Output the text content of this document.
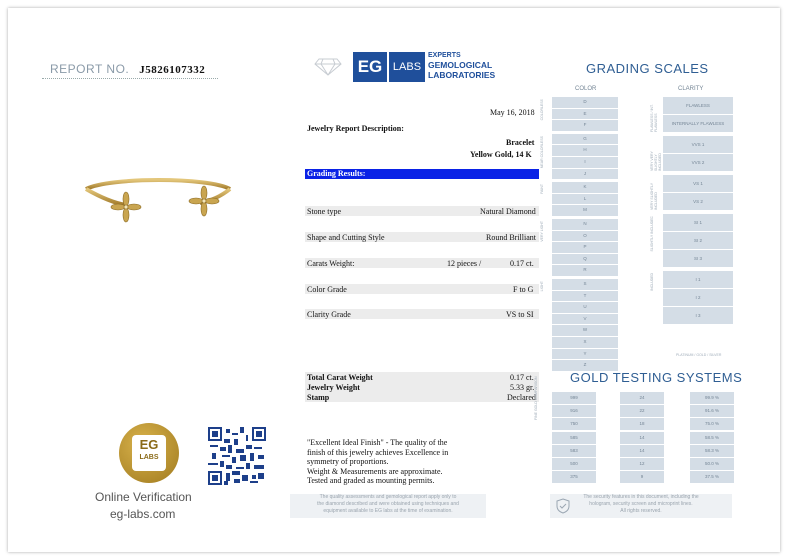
REPORT NO. J5826107332
EG
LABS
Online Verification
eg-labs.com
EG LABS
EXPERTS
GEMOLOGICAL
LABORATORIES
May 16, 2018
Jewelry Report Description:
Bracelet
Yellow Gold, 14 K
Grading Results:
Stone type	Natural Diamond
Shape and Cutting Style	Round Brilliant
Carats Weight:	12 pieces /	0.17 ct.
Color Grade	F to G
Clarity Grade	VS to SI
Total Carat Weight	0.17 ct.
Jewelry Weight	5.33 gr.
Stamp	Declared
"Excellent Ideal Finish" - The quality of the
finish of this jewelry achieves Excellence in
symmetry of proportions.
Weight & Measurements are approximate.
Tested and graded as mounting permits.
The quality assessments and gemological report apply only to
the diamond described and were obtained using techniques and
equipment available to EG labs at the time of examination.
GRADING SCALES
COLOR	CLARITY
D
E
F
COLORLESS
G
H
I
J
NEAR COLORLESS
K
L
M
FAINT
N
O
P
Q
R
VERY LIGHT
S
T
U
V
W
X
Y
Z
LIGHT
FLAWLESS
INTERNALLY FLAWLESS
FLAWLESS / INT. FLAWLESS
VVS 1
VVS 2
VERY VERY SLIGHTLY INCLUDED
VS 1
VS 2
VERY SLIGHTLY INCLUDED
SI 1
SI 2
SI 3
SLIGHTLY INCLUDED
I 1
I 2
I 3
INCLUDED
PLATINUM / GOLD / SILVER
GOLD TESTING SYSTEMS
FINE GOLD COMPARISON	999	24	99.9 %
916	22	91.6 %
750	18	75.0 %
585	14	58.5 %
583	14	58.3 %
500	12	50.0 %
375	9	37.5 %
The security features in this document, including the
hologram, security screen and microprint lines.
All rights reserved.
